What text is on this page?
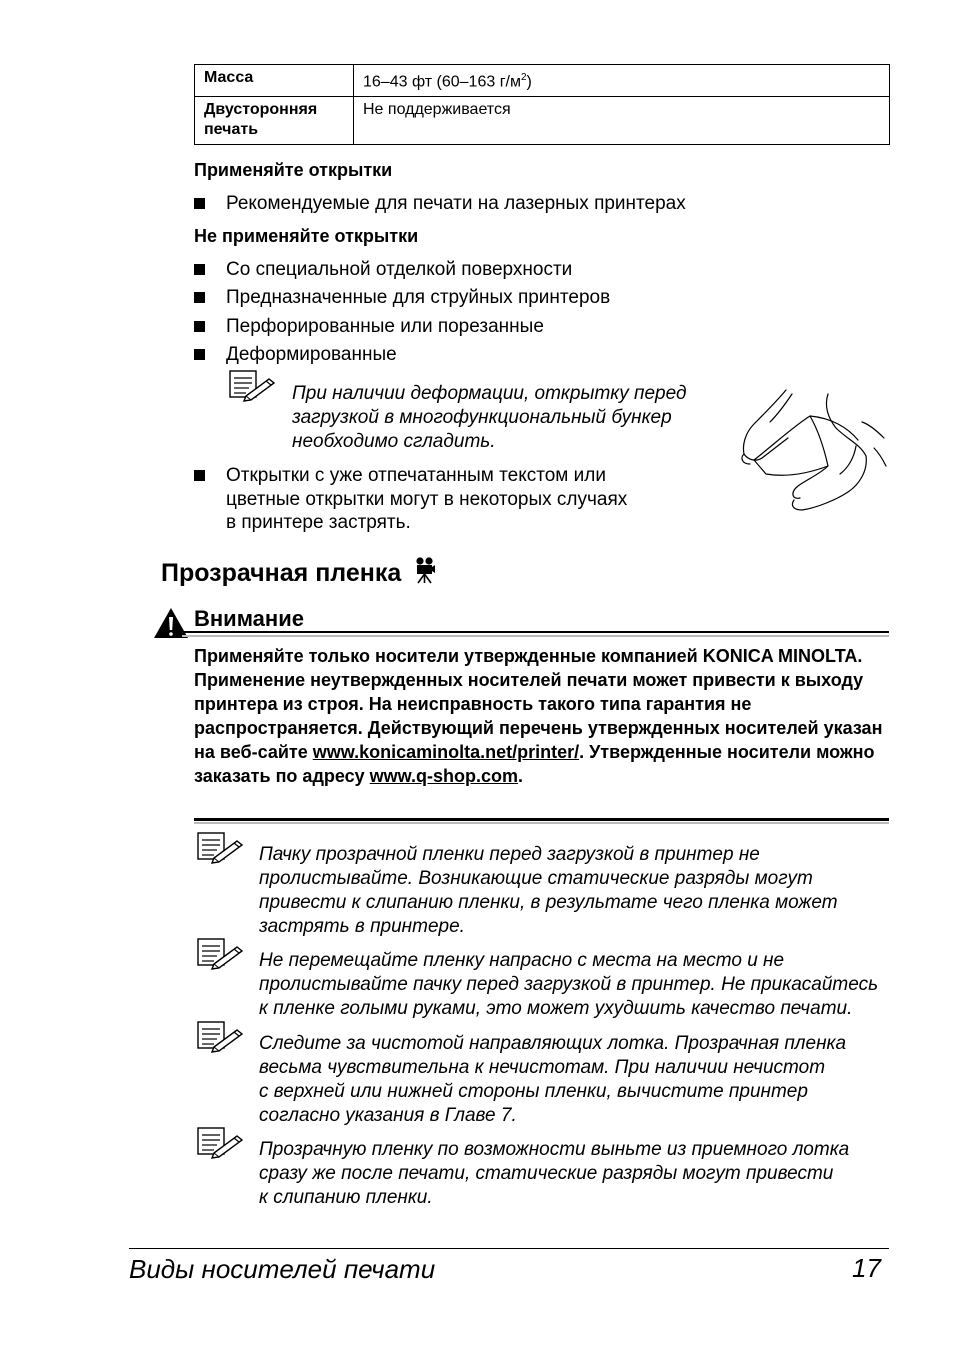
Масса	16–43 фт (60–163 $г/м^2$)
Двусторонняя печать	Не поддерживается
Применяйте открытки
Рекомендуемые для печати на лазерных принтерах
Не применяйте открытки
Со специальной отделкой поверхности
Предназначенные для струйных принтеров
Перфорированные или порезанные
Деформированные
При наличии деформации, открытку перед
загрузкой в многофункциональный бункер
необходимо сгладить.
Открытки с уже отпечатанным текстом или
цветные открытки могут в некоторых случаях
в принтере застрять.
Прозрачная пленка
Внимание
Применяйте только носители утвержденные компанией KONICA MINOLTA. Применение неутвержденных носителей печати может привести к выходу принтера из строя. На неисправность такого типа гарантия не распространяется. Действующий перечень утвержденных носителей указан на веб-сайте www.konicaminolta.net/printer/. Утвержденные носители можно заказать по адресу www.q-shop.com.
Пачку прозрачной пленки перед загрузкой в принтер не
пролистывайте. Возникающие статические разряды могут
привести к слипанию пленки, в результате чего пленка может
застрять в принтере.
Не перемещайте пленку напрасно с места на место и не
пролистывайте пачку перед загрузкой в принтер. Не прикасайтесь
к пленке голыми руками, это может ухудшить качество печати.
Следите за чистотой направляющих лотка. Прозрачная пленка
весьма чувствительна к нечистотам. При наличии нечистот
с верхней или нижней стороны пленки, вычистите принтер
согласно указания в Главе 7.
Прозрачную пленку по возможности выньте из приемного лотка
сразу же после печати, статические разряды могут привести
к слипанию пленки.
Виды носителей печати	17
